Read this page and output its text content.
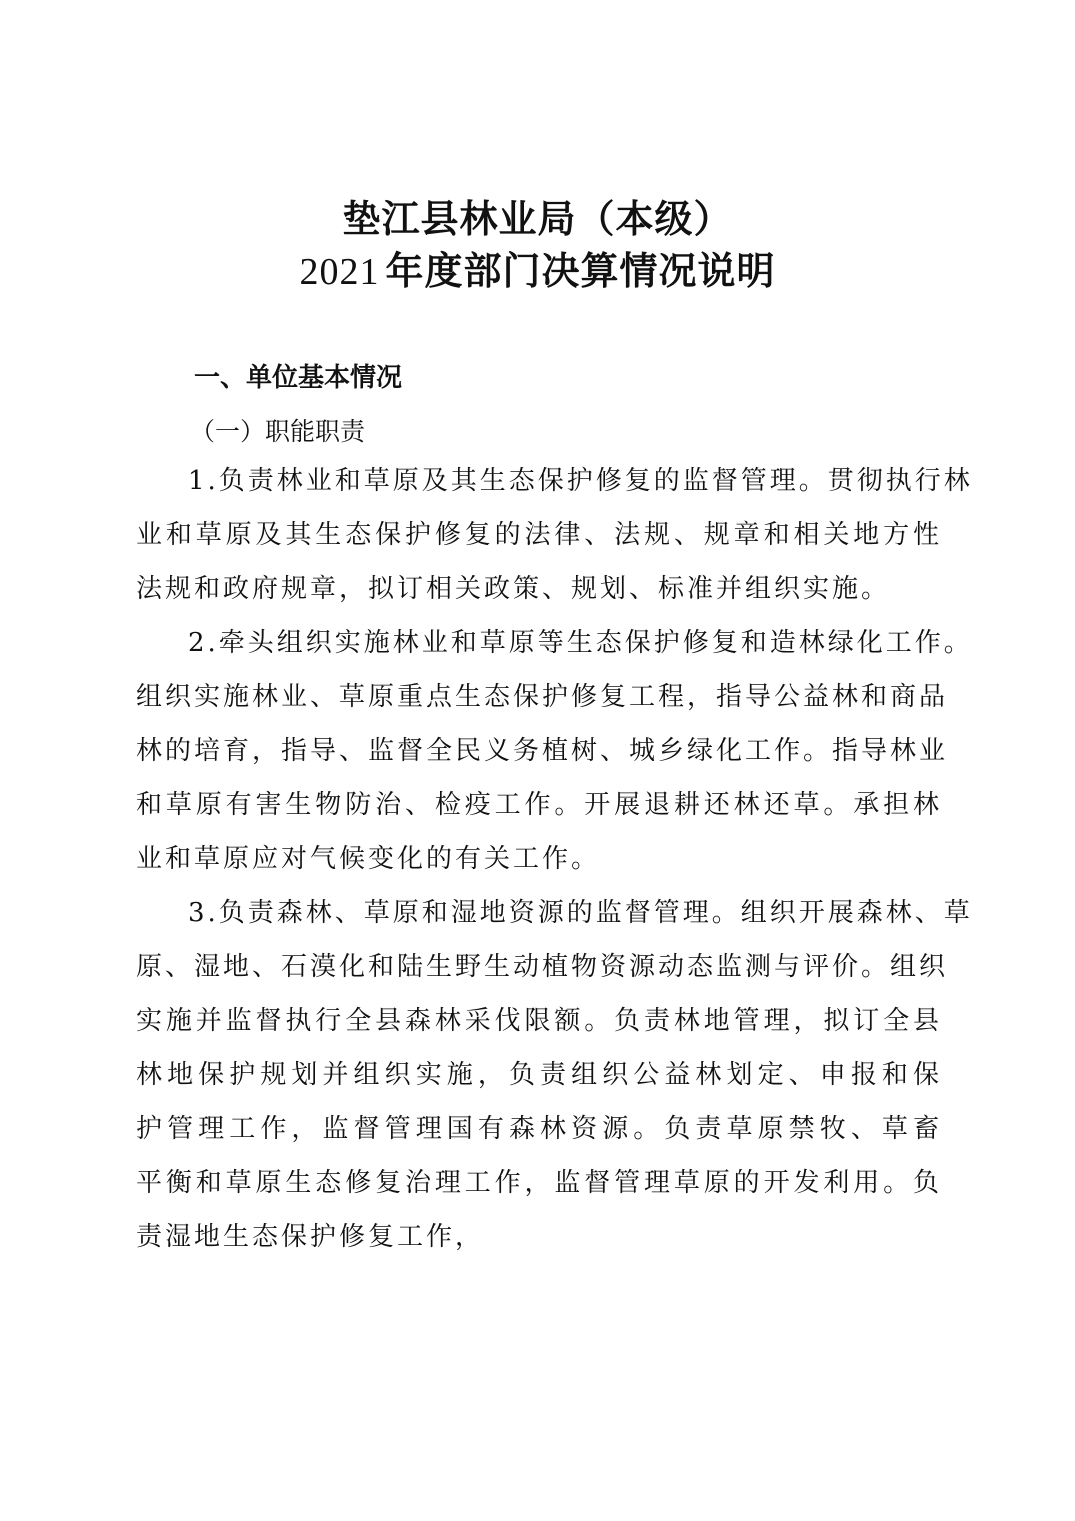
垫江县林业局（本级）
2021 年度部门决算情况说明
一、单位基本情况
（一）职能职责
1.负责林业和草原及其生态保护修复的监督管理。贯彻执行林
业和草原及其生态保护修复的法律、法规、规章和相关地方性
法规和政府规章，拟订相关政策、规划、标准并组织实施。
2.牵头组织实施林业和草原等生态保护修复和造林绿化工作。
组织实施林业、草原重点生态保护修复工程，指导公益林和商品
林的培育，指导、监督全民义务植树、城乡绿化工作。指导林业
和草原有害生物防治、检疫工作。开展退耕还林还草。承担林
业和草原应对气候变化的有关工作。
3.负责森林、草原和湿地资源的监督管理。组织开展森林、草
原、湿地、石漠化和陆生野生动植物资源动态监测与评价。组织
实施并监督执行全县森林采伐限额。负责林地管理，拟订全县
林地保护规划并组织实施，负责组织公益林划定、申报和保
护管理工作，监督管理国有森林资源。负责草原禁牧、草畜
平衡和草原生态修复治理工作，监督管理草原的开发利用。负
责湿地生态保护修复工作，
